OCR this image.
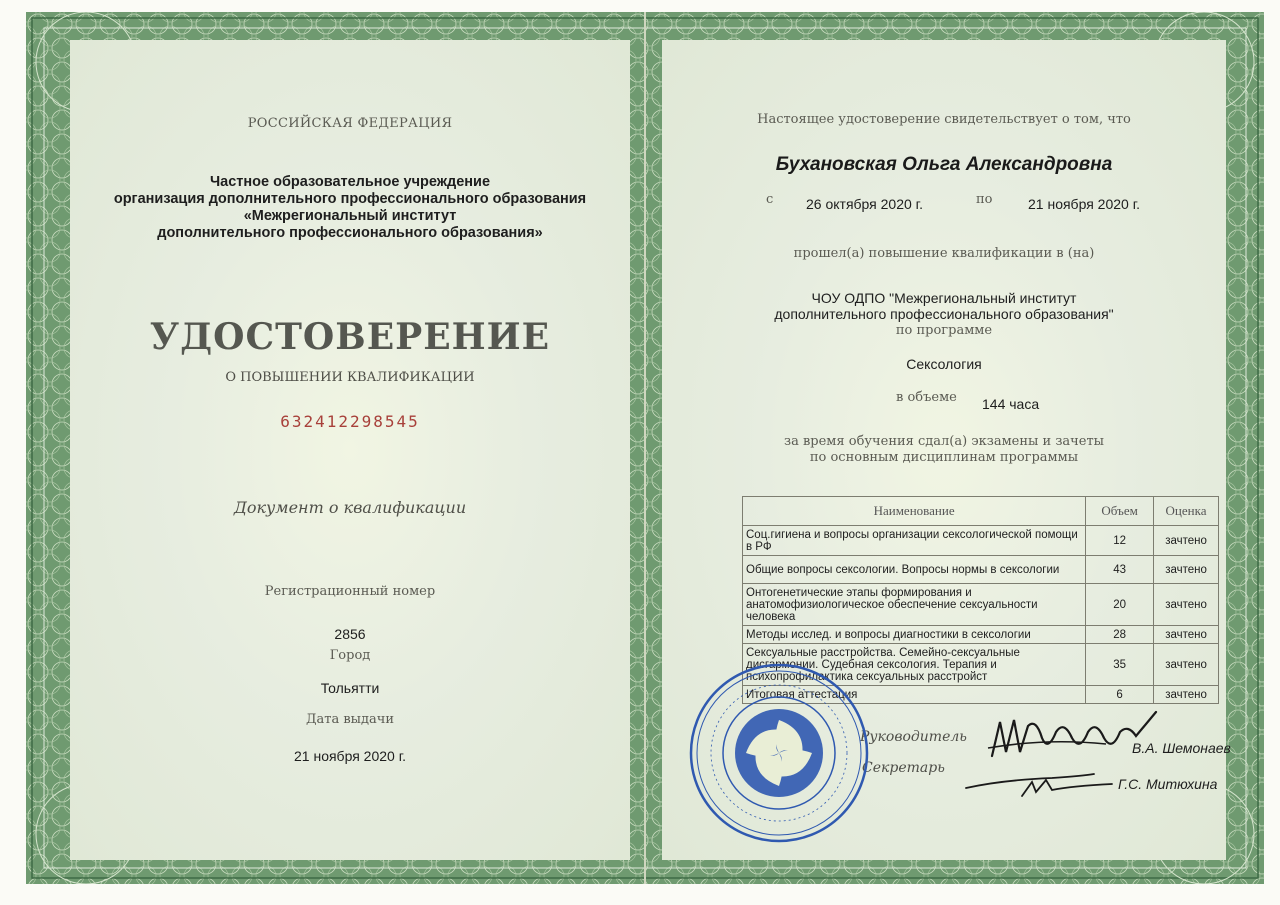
РОССИЙСКАЯ ФЕДЕРАЦИЯ
Частное образовательное учреждение
организация дополнительного профессионального образования
«Межрегиональный институт
дополнительного профессионального образования»
УДОСТОВЕРЕНИЕ
О ПОВЫШЕНИИ КВАЛИФИКАЦИИ
632412298545
Документ о квалификации
Регистрационный номер
2856
Город
Тольятти
Дата выдачи
21 ноября 2020 г.
Настоящее удостоверение свидетельствует о том, что
Бухановская Ольга Александровна
с 26 октября 2020 г.	по	21 ноября 2020 г.
прошел(а) повышение квалификации в (на)
ЧОУ ОДПО "Межрегиональный институт
дополнительного профессионального образования"
по программе
Сексология
в объеме 144 часа
за время обучения сдал(а) экзамены и зачеты
по основным дисциплинам программы
Наименование	Объем	Оценка
Соц.гигиена и вопросы организации сексологической помощи в РФ	12	зачтено
Общие вопросы сексологии. Вопросы нормы в сексологии	43	зачтено
Онтогенетические этапы формирования и анатомофизиологическое обеспечение сексуальности человека	20	зачтено
Методы исслед. и вопросы диагностики в сексологии	28	зачтено
Сексуальные расстройства. Семейно-сексуальные дисгармонии. Судебная сексология. Терапия и психопрофилактика сексуальных расстройст	35	зачтено
Итоговая аттестация	6	зачтено
Руководитель
В.А. Шемонаев
Секретарь
Г.С. Митюхина
